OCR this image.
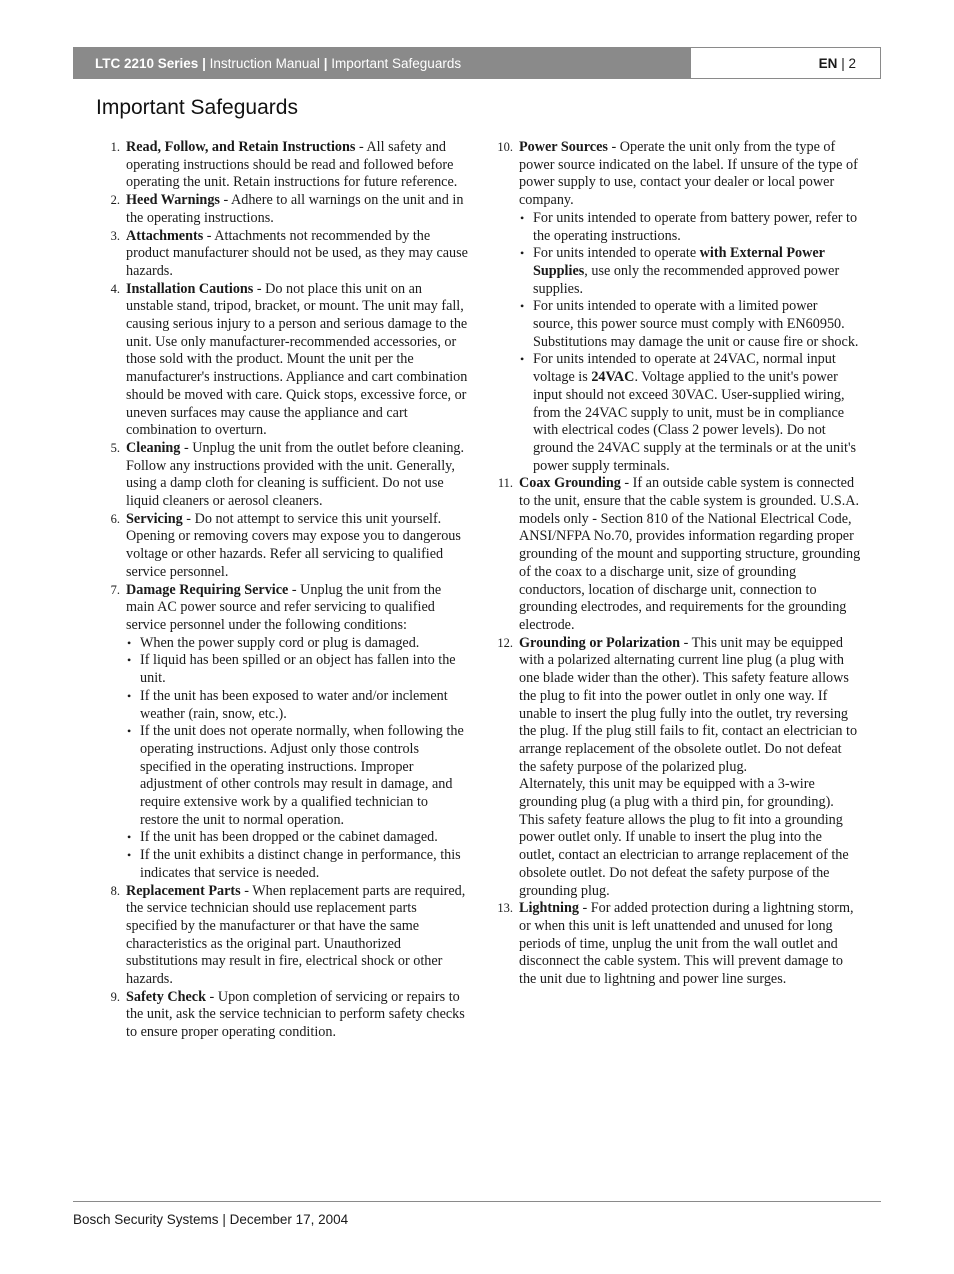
LTC 2210 Series
|
Instruction Manual
|
Important Safeguards	EN
|
2
Important Safeguards
1. Read, Follow, and Retain Instructions - All safety and operating instructions should be read and followed before operating the unit. Retain instructions for future reference.
2. Heed Warnings - Adhere to all warnings on the unit and in the operating instructions.
3. Attachments - Attachments not recommended by the product manufacturer should not be used, as they may cause hazards.
4. Installation Cautions - Do not place this unit on an unstable stand, tripod, bracket, or mount. The unit may fall, causing serious injury to a person and serious damage to the unit. Use only manufacturer-recommended accessories, or those sold with the product. Mount the unit per the manufacturer's instructions. Appliance and cart combination should be moved with care. Quick stops, excessive force, or uneven surfaces may cause the appliance and cart combination to overturn.
5. Cleaning - Unplug the unit from the outlet before cleaning. Follow any instructions provided with the unit. Generally, using a damp cloth for cleaning is sufficient. Do not use liquid cleaners or aerosol cleaners.
6. Servicing - Do not attempt to service this unit yourself. Opening or removing covers may expose you to dangerous voltage or other hazards. Refer all servicing to qualified service personnel.
7. Damage Requiring Service - Unplug the unit from the main AC power source and refer servicing to qualified service personnel under the following conditions:
• When the power supply cord or plug is damaged.
• If liquid has been spilled or an object has fallen into the unit.
• If the unit has been exposed to water and/or inclement weather (rain, snow, etc.).
• If the unit does not operate normally, when following the operating instructions. Adjust only those controls specified in the operating instructions. Improper adjustment of other controls may result in damage, and require extensive work by a qualified technician to restore the unit to normal operation.
• If the unit has been dropped or the cabinet damaged.
• If the unit exhibits a distinct change in performance, this indicates that service is needed.
8. Replacement Parts - When replacement parts are required, the service technician should use replacement parts specified by the manufacturer or that have the same characteristics as the original part. Unauthorized substitutions may result in fire, electrical shock or other hazards.
9. Safety Check - Upon completion of servicing or repairs to the unit, ask the service technician to perform safety checks to ensure proper operating condition.
10. Power Sources - Operate the unit only from the type of power source indicated on the label. If unsure of the type of power supply to use, contact your dealer or local power company.
• For units intended to operate from battery power, refer to the operating instructions.
• For units intended to operate with External Power Supplies, use only the recommended approved power supplies.
• For units intended to operate with a limited power source, this power source must comply with EN60950. Substitutions may damage the unit or cause fire or shock.
• For units intended to operate at 24VAC, normal input voltage is 24VAC. Voltage applied to the unit's power input should not exceed 30VAC. User-supplied wiring, from the 24VAC supply to unit, must be in compliance with electrical codes (Class 2 power levels). Do not ground the 24VAC supply at the terminals or at the unit's power supply terminals.
11. Coax Grounding - If an outside cable system is connected to the unit, ensure that the cable system is grounded. U.S.A. models only - Section 810 of the National Electrical Code, ANSI/NFPA No.70, provides information regarding proper grounding of the mount and supporting structure, grounding of the coax to a discharge unit, size of grounding conductors, location of discharge unit, connection to grounding electrodes, and requirements for the grounding electrode.
12. Grounding or Polarization - This unit may be equipped with a polarized alternating current line plug (a plug with one blade wider than the other). This safety feature allows the plug to fit into the power outlet in only one way. If unable to insert the plug fully into the outlet, try reversing the plug. If the plug still fails to fit, contact an electrician to arrange replacement of the obsolete outlet. Do not defeat the safety purpose of the polarized plug.
Alternately, this unit may be equipped with a 3-wire grounding plug (a plug with a third pin, for grounding). This safety feature allows the plug to fit into a grounding power outlet only. If unable to insert the plug into the outlet, contact an electrician to arrange replacement of the obsolete outlet. Do not defeat the safety purpose of the grounding plug.
13. Lightning - For added protection during a lightning storm, or when this unit is left unattended and unused for long periods of time, unplug the unit from the wall outlet and disconnect the cable system. This will prevent damage to the unit due to lightning and power line surges.
Bosch Security Systems | December 17, 2004
